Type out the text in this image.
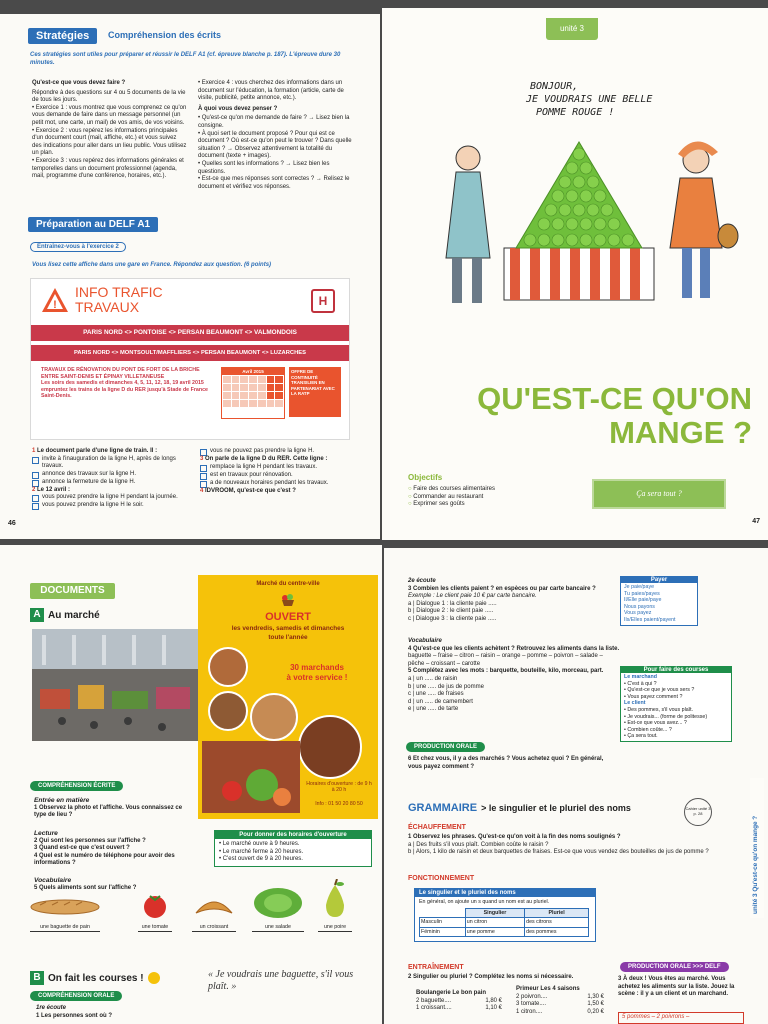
Stratégies	Compréhension des écrits
Ces stratégies sont utiles pour préparer et réussir le DELF A1 (cf. épreuve blanche p. 187). L'épreuve dure 30 minutes.
Qu'est-ce que vous devez faire ?
Répondre à des questions sur 4 ou 5 documents de la vie de tous les jours.
• Exercice 1 : vous montrez que vous comprenez ce qu'on vous demande de faire dans un message personnel (un petit mot, une carte, un mail) de vos amis, de vos voisins.
• Exercice 2 : vous repérez les informations principales d'un document court (mail, affiche, etc.) et vous suivez des indications pour aller dans un lieu public. Vous utilisez un plan.
• Exercice 3 : vous repérez des informations générales et temporelles dans un document professionnel (agenda, mail, programme d'une conférence, horaires, etc.).
• Exercice 4 : vous cherchez des informations dans un document sur l'éducation, la formation (article, carte de visite, publicité, petite annonce, etc.).
À quoi vous devez penser ?
• Qu'est-ce qu'on me demande de faire ? → Lisez bien la consigne.
• À quoi sert le document proposé ? Pour qui est ce document ? Où est-ce qu'on peut le trouver ? Dans quelle situation ? → Observez attentivement la totalité du document (texte + images).
• Quelles sont les informations ? → Lisez bien les questions.
• Est-ce que mes réponses sont correctes ? → Relisez le document et vérifiez vos réponses.
Préparation au DELF A1
Entraînez-vous à l'exercice 2
Vous lisez cette affiche dans une gare en France. Répondez aux question. (6 points)
!
INFO TRAFIC
TRAVAUX	H
PARIS NORD <> PONTOISE <> PERSAN BEAUMONT <> VALMONDOIS
PARIS NORD <> MONTSOULT/MAFFLIERS <> PERSAN BEAUMONT <> LUZARCHES
TRAVAUX DE RÉNOVATION DU PONT DE FORT DE LA BRICHE
ENTRE SAINT-DENIS ET ÉPINAY VILLETANEUSE
Les soirs des samedis et dimanches 4, 5, 11, 12, 18, 19 avril 2015 empruntez les trains de la ligne D du RER jusqu'à Stade de France Saint-Denis.
Avril 2015	OFFRE DE CONTINUITÉ TRANSILIEN EN PARTENARIAT AVEC LA RATP
1 Le document parle d'une ligne de train. Il :
invite à l'inauguration de la ligne H, après de longs travaux.
annonce des travaux sur la ligne H.
annonce la fermeture de la ligne H.
2 Le 12 avril :
vous pouvez prendre la ligne H pendant la journée.
vous pouvez prendre la ligne H le soir.
vous ne pouvez pas prendre la ligne H.
3 On parle de la ligne D du RER. Cette ligne :
remplace la ligne H pendant les travaux.
est en travaux pour rénovation.
a de nouveaux horaires pendant les travaux.
4 IDVROOM, qu'est-ce que c'est ?
46
unité 3
BONJOUR,
JE VOUDRAIS UNE BELLE
POMME ROUGE !
QU'EST-CE QU'ON
MANGE ?
Objectifs
○ Faire des courses alimentaires
○ Commander au restaurant
○ Exprimer ses goûts
Ça sera tout ?
47
DOCUMENTS
A Au marché
Marché du centre-ville
OUVERT
les vendredis, samedis et dimanches
toute l'année
30 marchands
à votre service !
Horaires d'ouverture : de 9 h à 20 h
Info : 01 50 20 80 50
COMPRÉHENSION ÉCRITE
Entrée en matière
1 Observez la photo et l'affiche. Vous connaissez ce type de lieu ?
Lecture
2 Qui sont les personnes sur l'affiche ?
3 Quand est-ce que c'est ouvert ?
4 Quel est le numéro de téléphone pour avoir des informations ?
Vocabulaire
5 Quels aliments sont sur l'affiche ?
Pour donner des horaires d'ouverture
• Le marché ouvre à 9 heures.
• Le marché ferme à 20 heures.
• C'est ouvert de 9 à 20 heures.
une baguette de pain	une tomate	un croissant	une salade	une poire
B On fait les courses !	« Je voudrais une baguette, s'il vous plaît. »
COMPRÉHENSION ORALE
1re écoute
1 Les personnes sont où ?
2e écoute
3 Combien les clients paient ? en espèces ou par carte bancaire ?
Exemple : Le client paie 10 € par carte bancaire.
a | Dialogue 1 : la cliente paie .....
b | Dialogue 2 : le client paie .....
c | Dialogue 3 : la cliente paie .....
Payer
Je paie/paye
Tu paies/payes
Il/Elle paie/paye
Nous payons
Vous payez
Ils/Elles paient/payent
Vocabulaire
4 Qu'est-ce que les clients achètent ? Retrouvez les aliments dans la liste.
baguette – fraise – citron – raisin – orange – pomme – poivron – salade – pêche – croissant – carotte
5 Complétez avec les mots : barquette, bouteille, kilo, morceau, part.
a | un ..... de raisin
b | une ..... de jus de pomme
c | une ..... de fraises
d | un ..... de camembert
e | une ..... de tarte
Pour faire des courses
Le marchand
• C'est à qui ?
• Qu'est-ce que je vous sers ?
• Vous payez comment ?
Le client
• Des pommes, s'il vous plaît.
• Je voudrais... (forme de politesse)
• Est-ce que vous avez... ?
• Combien coûte... ?
• Ça sera tout.
PRODUCTION ORALE
6 Et chez vous, il y a des marchés ? Vous achetez quoi ? En général, vous payez comment ?
GRAMMAIRE > le singulier et le pluriel des noms	Cahier unité 3 p. 28
ÉCHAUFFEMENT
1 Observez les phrases. Qu'est-ce qu'on voit à la fin des noms soulignés ?
a | Des fruits s'il vous plaît. Combien coûte le raisin ?
b | Alors, 1 kilo de raisin et deux barquettes de fraises. Est-ce que vous vendez des bouteilles de jus de pomme ?
FONCTIONNEMENT
Le singulier et le pluriel des noms
En général, on ajoute un s quand un nom est au pluriel.
	Singulier	Pluriel
Masculin	un citron	des citrons
Féminin	une pomme	des pommes
ENTRAÎNEMENT
2 Singulier ou pluriel ? Complétez les noms si nécessaire.
Boulangerie Le bon pain
2 baguette....	1,80 €
1 croissant....	1,10 €
Primeur Les 4 saisons
2 poivron....	1,30 €
3 tomate....	1,50 €
1 citron....	0,20 €
PRODUCTION ORALE >>> DELF
3 À deux ! Vous êtes au marché. Vous achetez les aliments sur la liste. Jouez la scène : il y a un client et un marchand.
5 pommes – 2 poivrons –
unité 3 Qu'est-ce qu'on mange ?
